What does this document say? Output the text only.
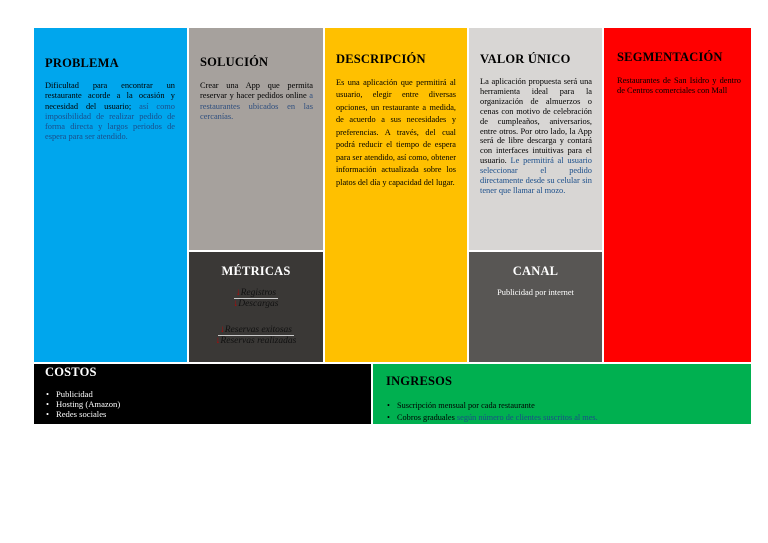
PROBLEMA
Dificultad para encontrar un restaurante acorde a la ocasión y necesidad del usuario; así como imposibilidad de realizar pedido de forma directa y largos periodos de espera para ser atendido.
SOLUCIÓN
Crear una App que permita reservar y hacer pedidos online a restaurantes ubicados en las cercanías.
MÉTRICAS
↓Registros
↓Descargas
↓Reservas exitosas
↓Reservas realizadas
DESCRIPCIÓN
Es una aplicación que permitirá al usuario, elegir entre diversas opciones, un restaurante a medida, de acuerdo a sus necesidades y preferencias. A través, del cual podrá reducir el tiempo de espera para ser atendido, así como, obtener información actualizada sobre los platos del día y capacidad del lugar.
VALOR ÚNICO
La aplicación propuesta será una herramienta ideal para la organización de almuerzos o cenas con motivo de celebración de cumpleaños, aniversarios, entre otros. Por otro lado, la App será de libre descarga y contará con interfaces intuitivas para el usuario. Le permitirá al usuario seleccionar el pedido directamente desde su celular sin tener que llamar al mozo.
CANAL
Publicidad por internet
SEGMENTACIÓN
Restaurantes de San Isidro y dentro de Centros comerciales con Mall
COSTOS
• Publicidad
• Hosting (Amazon)
• Redes sociales
INGRESOS
• Suscripción mensual por cada restaurante
• Cobros graduales según número de clientes suscritos al mes.
